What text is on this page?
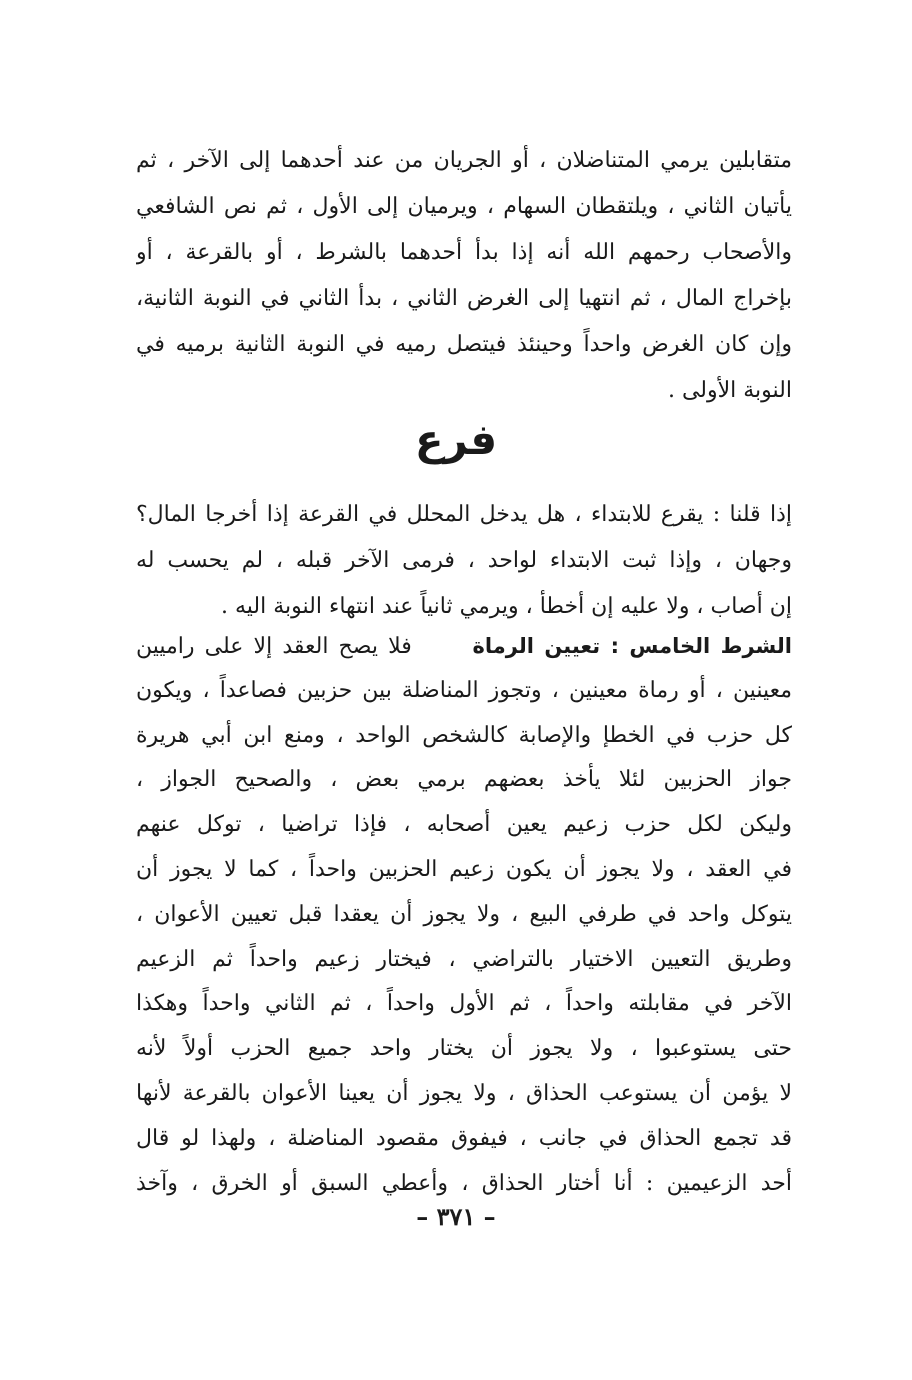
متقابلين يرمي المتناضلان ، أو الجريان من عند أحدهما إلى الآخر ، ثم
يأتيان الثاني ، ويلتقطان السهام ، ويرميان إلى الأول ، ثم نص الشافعي
والأصحاب رحمهم الله أنه إذا بدأ أحدهما بالشرط ، أو بالقرعة ، أو
بإخراج المال ، ثم انتهيا إلى الغرض الثاني ، بدأ الثاني في النوبة الثانية،
وإن كان الغرض واحداً وحينئذ فيتصل رميه في النوبة الثانية برميه في
النوبة الأولى .
فرع
إذا قلنا : يقرع للابتداء ، هل يدخل المحلل في القرعة إذا أخرجا المال؟
وجهان ، وإذا ثبت الابتداء لواحد ، فرمى الآخر قبله ، لم يحسب له
إن أصاب ، ولا عليه إن أخطأ ، ويرمي ثانياً عند انتهاء النوبة اليه .
الشرط الخامس : تعيين الرماة      فلا يصح العقد إلا على راميين
معينين ، أو رماة معينين ، وتجوز المناضلة بين حزبين فصاعداً ، ويكون
كل حزب في الخطإ والإصابة كالشخص الواحد ، ومنع ابن أبي هريرة
جواز الحزبين لئلا يأخذ بعضهم برمي بعض ، والصحيح الجواز ،
وليكن لكل حزب زعيم يعين أصحابه ، فإذا تراضيا ، توكل عنهم
في العقد ، ولا يجوز أن يكون زعيم الحزبين واحداً ، كما لا يجوز أن
يتوكل واحد في طرفي البيع ، ولا يجوز أن يعقدا قبل تعيين الأعوان ،
وطريق التعيين الاختيار بالتراضي ، فيختار زعيم واحداً ثم الزعيم
الآخر في مقابلته واحداً ، ثم الأول واحداً ، ثم الثاني واحداً وهكذا
حتى يستوعبوا ، ولا يجوز أن يختار واحد جميع الحزب أولاً لأنه
لا يؤمن أن يستوعب الحذاق ، ولا يجوز أن يعينا الأعوان بالقرعة لأنها
قد تجمع الحذاق في جانب ، فيفوق مقصود المناضلة ، ولهذا لو قال
أحد الزعيمين : أنا أختار الحذاق ، وأعطي السبق أو الخرق ، وآخذ
– ٣٧١ –
